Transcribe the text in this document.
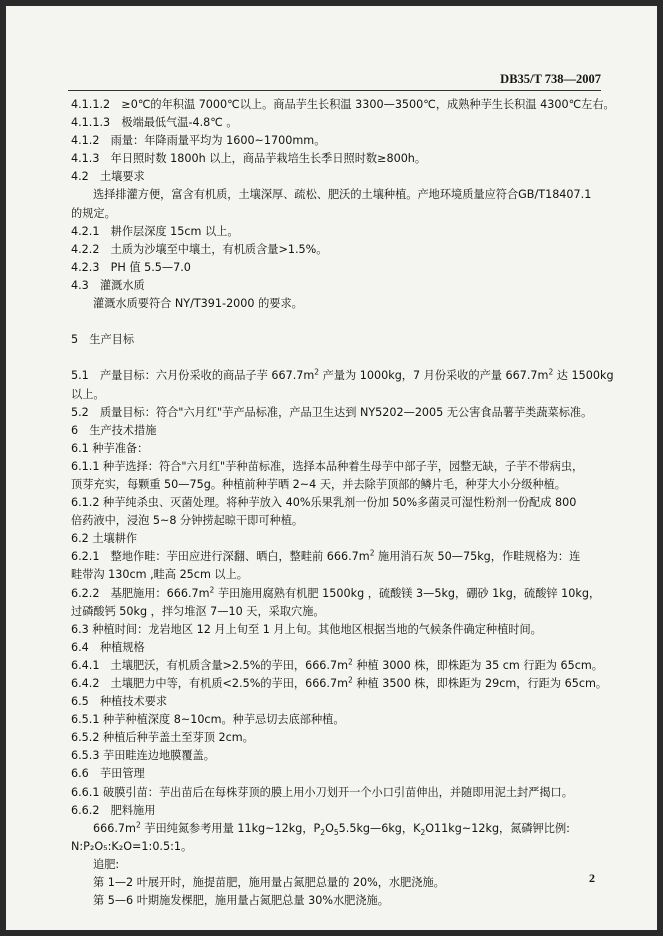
DB35/T 738—2007
4.1.1.2　≥0℃的年积温 7000℃以上。商品芋生长积温 3300—3500℃，成熟种芋生长积温 4300℃左右。
4.1.1.3　极端最低气温-4.8℃ 。
4.1.2　雨量：年降雨量平均为 1600~1700mm。
4.1.3　年日照时数 1800h 以上，商品芋栽培生长季日照时数≥800h。
4.2　土壤要求
选择排灌方便，富含有机质，土壤深厚、疏松、肥沃的土壤种植。产地环境质量应符合GB/T18407.1
的规定。
4.2.1　耕作层深度 15cm 以上。
4.2.2　土质为沙壤至中壤土，有机质含量>1.5%。
4.2.3　PH 值 5.5—7.0
4.3　灌溉水质
灌溉水质要符合 NY/T391-2000 的要求。

5　生产目标

5.1　产量目标：六月份采收的商品子芋 $667.7m^2$ 产量为 1000kg，7 月份采收的产量 $667.7m^2$ 达 1500kg
以上。
5.2　质量目标：符合"六月红"芋产品标准，产品卫生达到 NY5202—2005 无公害食品薯芋类蔬菜标准。
6　生产技术措施
6.1 种芋准备：
6.1.1 种芋选择：符合"六月红"芋种苗标准，选择本品种着生母芋中部子芋，园整无缺，子芋不带病虫，
顶芽充实，每颗重 50—75g。种植前种芋晒 2~4 天，并去除芋顶部的鳞片毛，种芽大小分级种植。
6.1.2 种芋纯杀虫、灭菌处理。将种芋放入 40%乐果乳剂一份加 50%多菌灵可湿性粉剂一份配成 800
倍药液中，浸泡 5~8 分钟捞起晾干即可种植。
6.2 土壤耕作
6.2.1　整地作畦：芋田应进行深翻、晒白，整畦前 $666.7m^2$ 施用消石灰 50—75kg，作畦规格为：连
畦带沟 130cm ,畦高 25cm 以上。
6.2.2　基肥施用：$666.7m^2$ 芋田施用腐熟有机肥 1500kg ，硫酸镁 3—5kg，硼砂 1kg，硫酸锌 10kg，
过磷酸钙 50kg ，拌匀堆沤 7—10 天，采取穴施。
6.3 种植时间：龙岩地区 12 月上旬至 1 月上旬。其他地区根据当地的气候条件确定种植时间。
6.4　种植规格
6.4.1　土壤肥沃，有机质含量>2.5%的芋田，$666.7m^2$ 种植 3000 株，即株距为 35 cm 行距为 65cm。
6.4.2　土壤肥力中等，有机质<2.5%的芋田，$666.7m^2$ 种植 3500 株，即株距为 29cm，行距为 65cm。
6.5　种植技术要求
6.5.1 种芋种植深度 8~10cm。种芋忌切去底部种植。
6.5.2 种植后种芋盖土至芽顶 2cm。
6.5.3 芋田畦连边地膜覆盖。
6.6　芋田管理
6.6.1 破膜引苗：芋出苗后在每株芽顶的膜上用小刀划开一个小口引苗伸出，并随即用泥土封严揭口。
6.6.2　肥料施用
$666.7m^2$ 芋田纯氮参考用量 11kg~12kg，$P_2O_55.5kg—6kg$，$K_2O11kg\sim 12kg$，氮磷钾比例:
N:P₂O₅:K₂O=1:0.5:1。
追肥:
第 1—2 叶展开时，施提苗肥，施用量占氮肥总量的 20%，水肥浇施。
第 5—6 叶期施发棵肥，施用量占氮肥总量 30%水肥浇施。
2
